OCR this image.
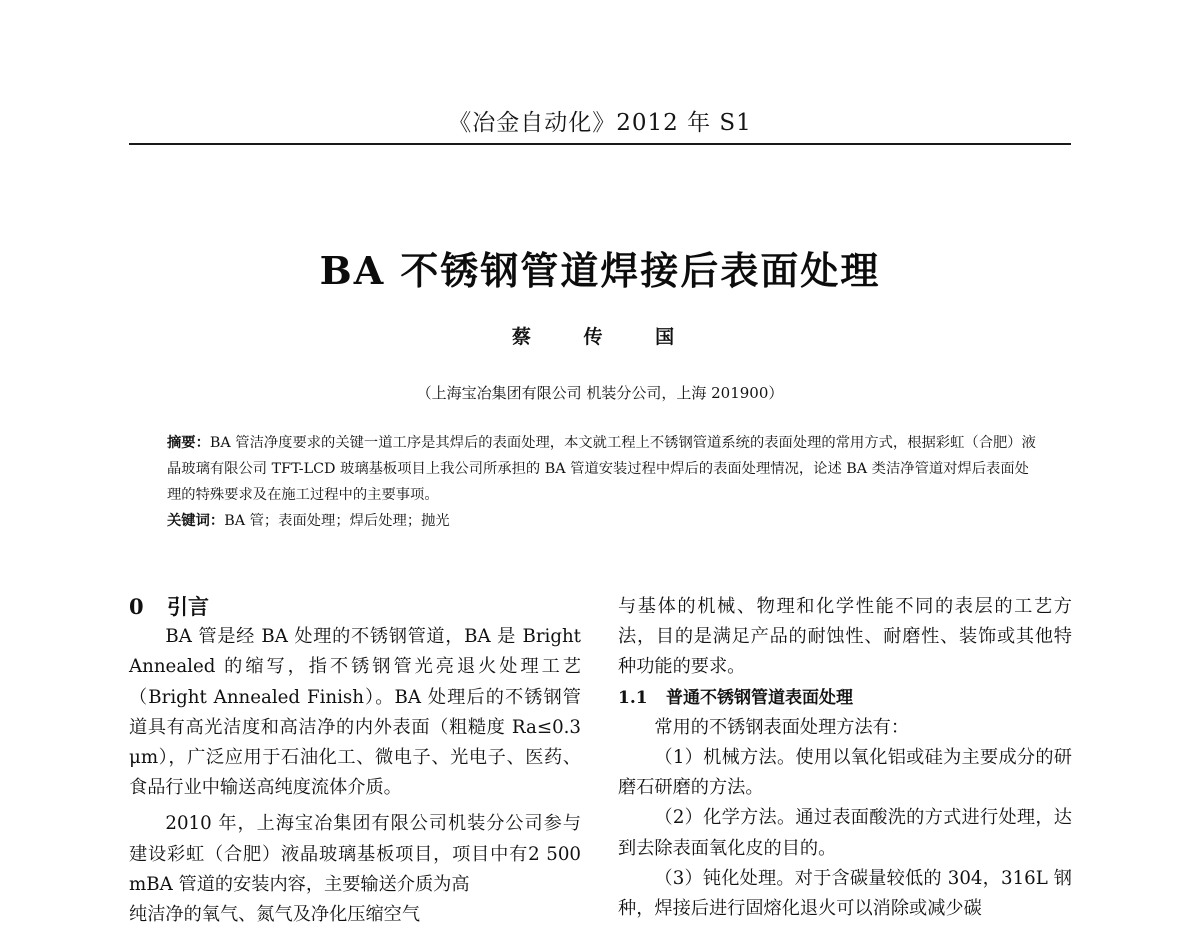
《冶金自动化》2012 年 S1
BA 不锈钢管道焊接后表面处理
蔡 传 国
（上海宝冶集团有限公司 机装分公司，上海 201900）

摘要：BA 管洁净度要求的关键一道工序是其焊后的表面处理，本文就工程上不锈钢管道系统的表面处理的常用方式，根据彩虹（合肥）液晶玻璃有限公司 TFT-LCD 玻璃基板项目上我公司所承担的 BA 管道安装过程中焊后的表面处理情况，论述 BA 类洁净管道对焊后表面处理的特殊要求及在施工过程中的主要事项。

关键词：BA 管；表面处理；焊后处理；抛光

0 引言

BA 管是经 BA 处理的不锈钢管道，BA 是 Bright Annealed 的缩写，指不锈钢管光亮退火处理工艺（Bright Annealed Finish）。BA 处理后的不锈钢管道具有高光洁度和高洁净的内外表面（粗糙度 Ra≤0.3 μm），广泛应用于石油化工、微电子、光电子、医药、食品行业中输送高纯度流体介质。

2010 年，上海宝冶集团有限公司机装分公司参与建设彩虹（合肥）液晶玻璃基板项目，项目中有2 500 mBA 管道的安装内容，主要输送介质为高

纯洁净的氧气、氮气及净化压缩空气

与基体的机械、物理和化学性能不同的表层的工艺方法，目的是满足产品的耐蚀性、耐磨性、装饰或其他特种功能的要求。

1.1 普通不锈钢管道表面处理

常用的不锈钢表面处理方法有：

（1）机械方法。使用以氧化铝或硅为主要成分的研磨石研磨的方法。

（2）化学方法。通过表面酸洗的方式进行处理，达到去除表面氧化皮的目的。

（3）钝化处理。对于含碳量较低的 304，316L 钢种，焊接后进行固熔化退火可以消除或减少碳
